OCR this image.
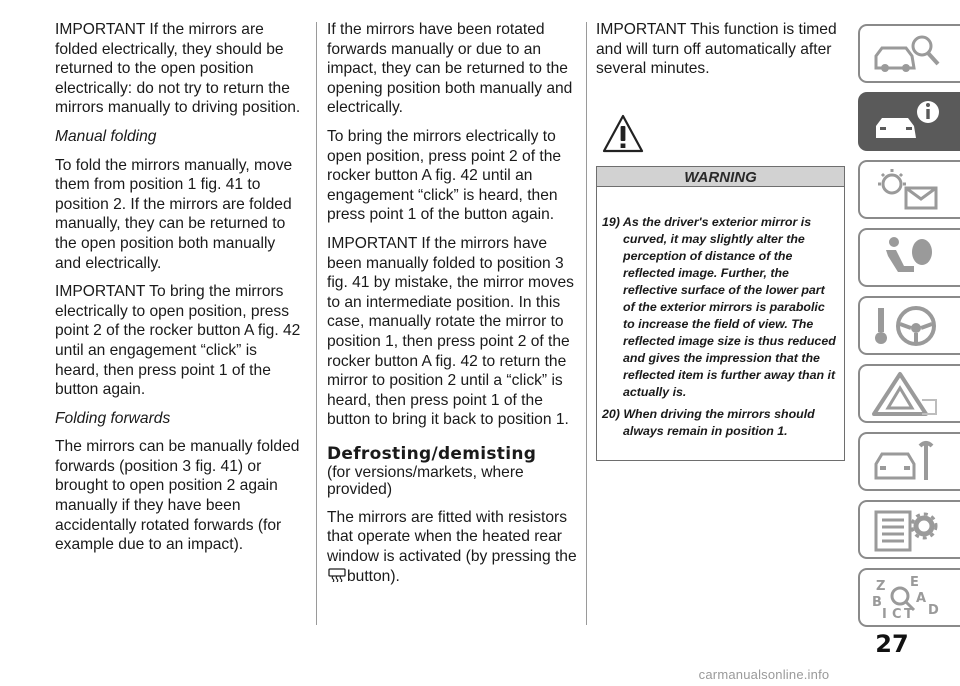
IMPORTANT If the mirrors are folded electrically, they should be returned to the open position electrically: do not try to return the mirrors manually to driving position.

Manual folding

To fold the mirrors manually, move them from position 1 fig. 41 to position 2. If the mirrors are folded manually, they can be returned to the open position both manually and electrically.

IMPORTANT To bring the mirrors electrically to open position, press point 2 of the rocker button A fig. 42 until an engagement “click” is heard, then press point 1 of the button again.

Folding forwards

The mirrors can be manually folded forwards (position 3 fig. 41) or brought to open position 2 again manually if they have been accidentally rotated forwards (for example due to an impact).

If the mirrors have been rotated forwards manually or due to an impact, they can be returned to the opening position both manually and electrically.

To bring the mirrors electrically to open position, press point 2 of the rocker button A fig. 42 until an engagement “click” is heard, then press point 1 of the button again.

IMPORTANT If the mirrors have been manually folded to position 3 fig. 41 by mistake, the mirror moves to an intermediate position. In this case, manually rotate the mirror to position 1, then press point 2 of the rocker button A fig. 42 to return the mirror to position 2 until a “click” is heard, then press point 1 of the button to bring it back to position 1.

Defrosting/demisting
(for versions/markets, where provided)

The mirrors are fitted with resistors that operate when the heated rear window is activated (by pressing the button).

IMPORTANT This function is timed and will turn off automatically after several minutes.

WARNING
19) As the driver's exterior mirror is curved, it may slightly alter the perception of distance of the reflected image. Further, the reflective surface of the lower part of the exterior mirrors is parabolic to increase the field of view. The reflected image size is thus reduced and gives the impression that the reflected item is further away than it actually is.
20) When driving the mirrors should always remain in position 1.
Z E
B	A
I C T D
27
carmanualsonline.info
